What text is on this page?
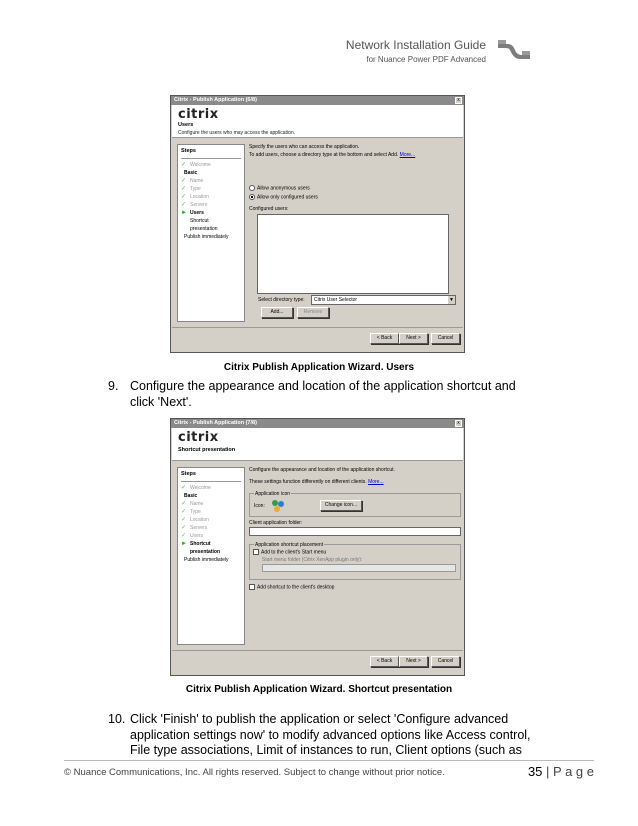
Network Installation Guide
for Nuance Power PDF Advanced
Citrix - Publish Application (6/8)	x
citrix
Users
Configure the users who may access the application.
Steps
✓ Welcome
Basic
✓ Name
✓ Type
✓ Location
✓ Servers
► Users
Shortcut
presentation
Publish immediately
Specify the users who can access the application.
To add users, choose a directory type at the bottom and select Add. More...
Allow anonymous users
Allow only configured users
Configured users:
Select directory type: Citrix User Selector	▼
Add...	Remove
< Back	Next >	Cancel
Citrix Publish Application Wizard. Users
9. Configure the appearance and location of the application shortcut and
click 'Next'.
Citrix - Publish Application (7/8)	x
citrix
Shortcut presentation
Steps
✓ Welcome
Basic
✓ Name
✓ Type
✓ Location
✓ Servers
✓ Users
► Shortcut
presentation
Publish immediately
Configure the appearance and location of the application shortcut.
These settings function differently on different clients. More...
Application icon
Icon:	Change icon...
Client application folder:
Application shortcut placement
Add to the client's Start menu
Start menu folder (Citrix XenApp plugin only):
Add shortcut to the client's desktop
< Back	Next >	Cancel
Citrix Publish Application Wizard. Shortcut presentation
10. Click 'Finish' to publish the application or select 'Configure advanced
application settings now' to modify advanced options like Access control,
File type associations, Limit of instances to run, Client options (such as
© Nuance Communications, Inc. All rights reserved. Subject to change without prior notice.	35 | P a g e
